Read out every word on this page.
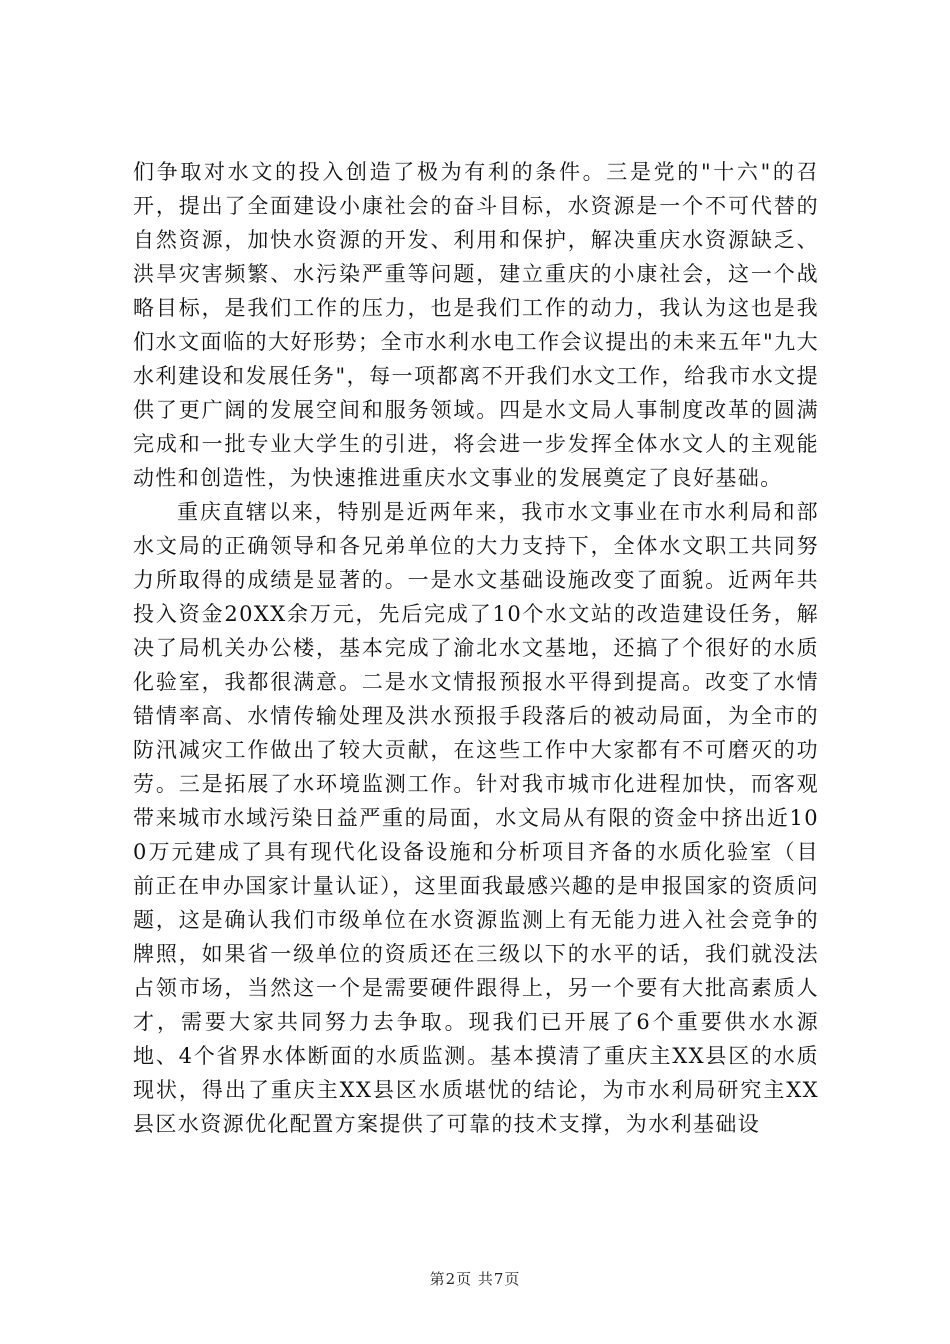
们争取对水文的投入创造了极为有利的条件。三是党的"十六"的召开，提出了全面建设小康社会的奋斗目标，水资源是一个不可代替的自然资源，加快水资源的开发、利用和保护，解决重庆水资源缺乏、洪旱灾害频繁、水污染严重等问题，建立重庆的小康社会，这一个战略目标，是我们工作的压力，也是我们工作的动力，我认为这也是我们水文面临的大好形势；全市水利水电工作会议提出的未来五年"九大水利建设和发展任务"，每一项都离不开我们水文工作，给我市水文提供了更广阔的发展空间和服务领域。四是水文局人事制度改革的圆满完成和一批专业大学生的引进，将会进一步发挥全体水文人的主观能动性和创造性，为快速推进重庆水文事业的发展奠定了良好基础。

重庆直辖以来，特别是近两年来，我市水文事业在市水利局和部水文局的正确领导和各兄弟单位的大力支持下，全体水文职工共同努力所取得的成绩是显著的。一是水文基础设施改变了面貌。近两年共投入资金20XX余万元，先后完成了10个水文站的改造建设任务，解决了局机关办公楼，基本完成了渝北水文基地，还搞了个很好的水质化验室，我都很满意。二是水文情报预报水平得到提高。改变了水情错情率高、水情传输处理及洪水预报手段落后的被动局面，为全市的防汛减灾工作做出了较大贡献，在这些工作中大家都有不可磨灭的功劳。三是拓展了水环境监测工作。针对我市城市化进程加快，而客观带来城市水域污染日益严重的局面，水文局从有限的资金中挤出近100万元建成了具有现代化设备设施和分析项目齐备的水质化验室（目前正在申办国家计量认证），这里面我最感兴趣的是申报国家的资质问题，这是确认我们市级单位在水资源监测上有无能力进入社会竞争的牌照，如果省一级单位的资质还在三级以下的水平的话，我们就没法占领市场，当然这一个是需要硬件跟得上，另一个要有大批高素质人才，需要大家共同努力去争取。现我们已开展了6个重要供水水源地、4个省界水体断面的水质监测。基本摸清了重庆主XX县区的水质现状，得出了重庆主XX县区水质堪忧的结论，为市水利局研究主XX县区水资源优化配置方案提供了可靠的技术支撑，为水利基础设

第2页 共7页
